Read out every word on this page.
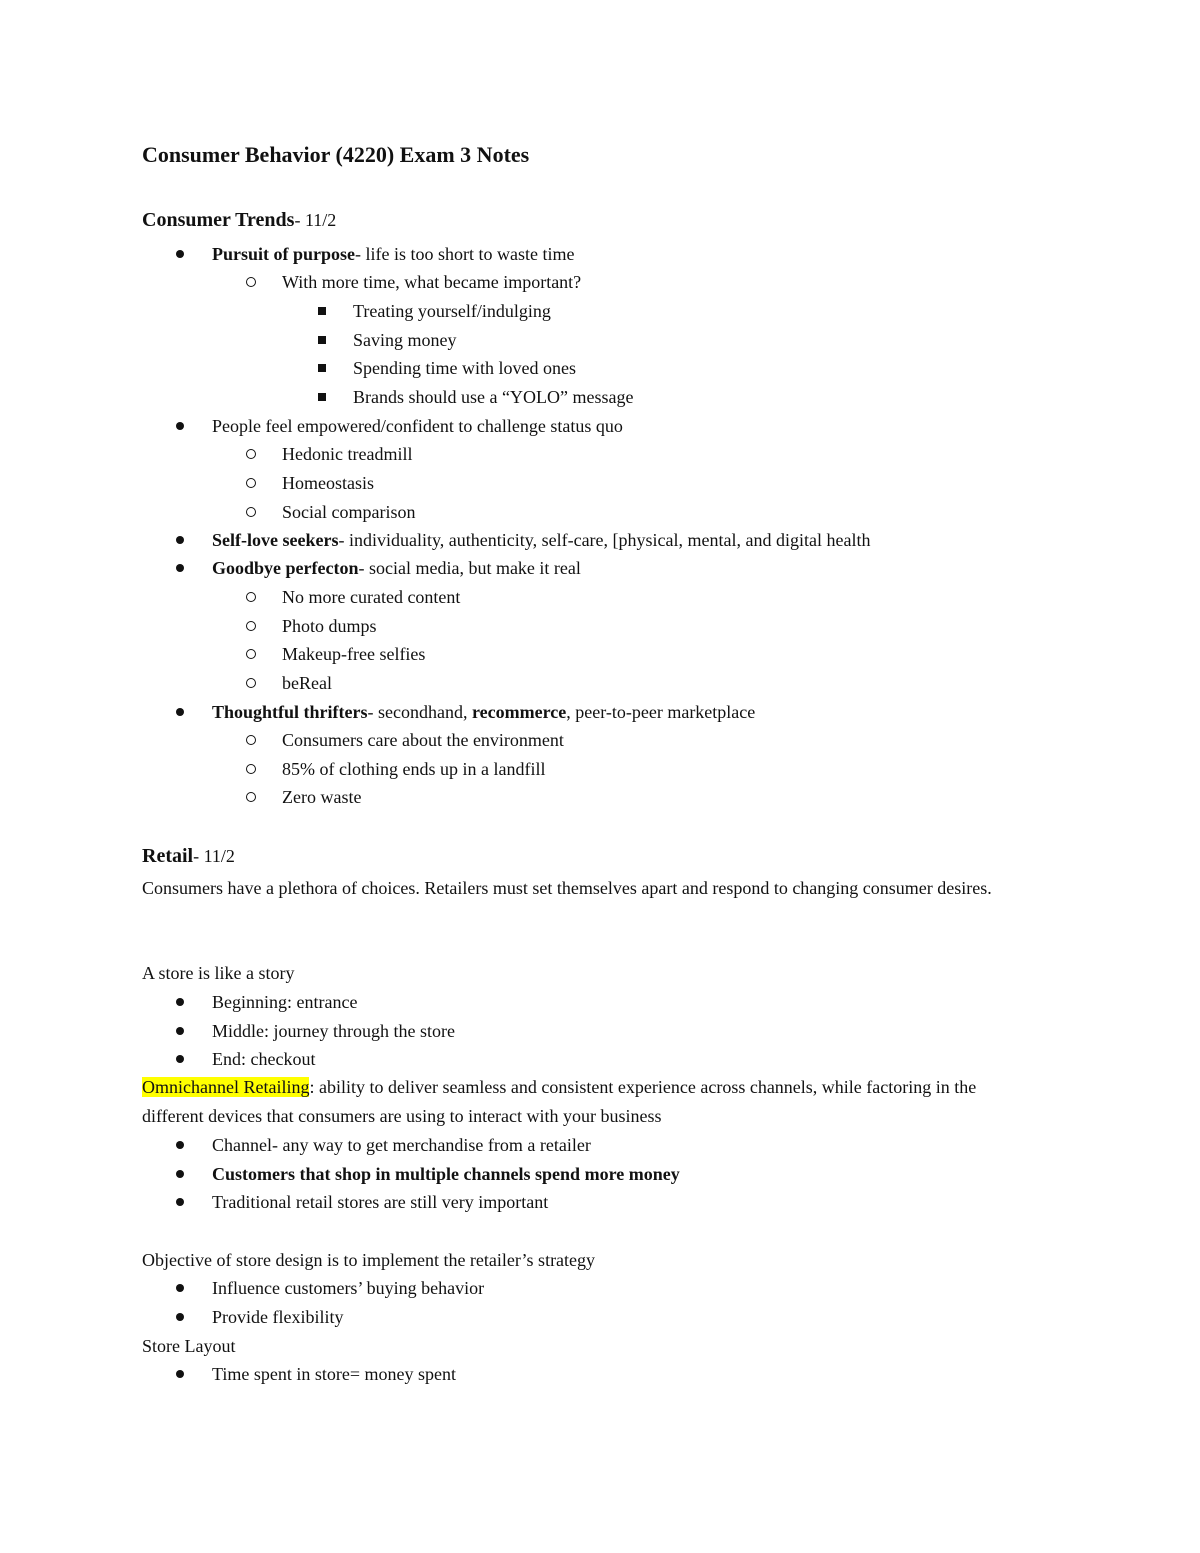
Consumer Behavior (4220) Exam 3 Notes
Consumer Trends- 11/2
Pursuit of purpose- life is too short to waste time
With more time, what became important?
Treating yourself/indulging
Saving money
Spending time with loved ones
Brands should use a “YOLO” message
People feel empowered/confident to challenge status quo
Hedonic treadmill
Homeostasis
Social comparison
Self-love seekers- individuality, authenticity, self-care, [physical, mental, and digital health
Goodbye perfecton- social media, but make it real
No more curated content
Photo dumps
Makeup-free selfies
beReal
Thoughtful thrifters- secondhand, recommerce, peer-to-peer marketplace
Consumers care about the environment
85% of clothing ends up in a landfill
Zero waste
Retail- 11/2
Consumers have a plethora of choices. Retailers must set themselves apart and respond to changing consumer desires.
A store is like a story
Beginning: entrance
Middle: journey through the store
End: checkout
Omnichannel Retailing: ability to deliver seamless and consistent experience across channels, while factoring in the different devices that consumers are using to interact with your business
Channel- any way to get merchandise from a retailer
Customers that shop in multiple channels spend more money
Traditional retail stores are still very important
Objective of store design is to implement the retailer’s strategy
Influence customers’ buying behavior
Provide flexibility
Store Layout
Time spent in store= money spent
